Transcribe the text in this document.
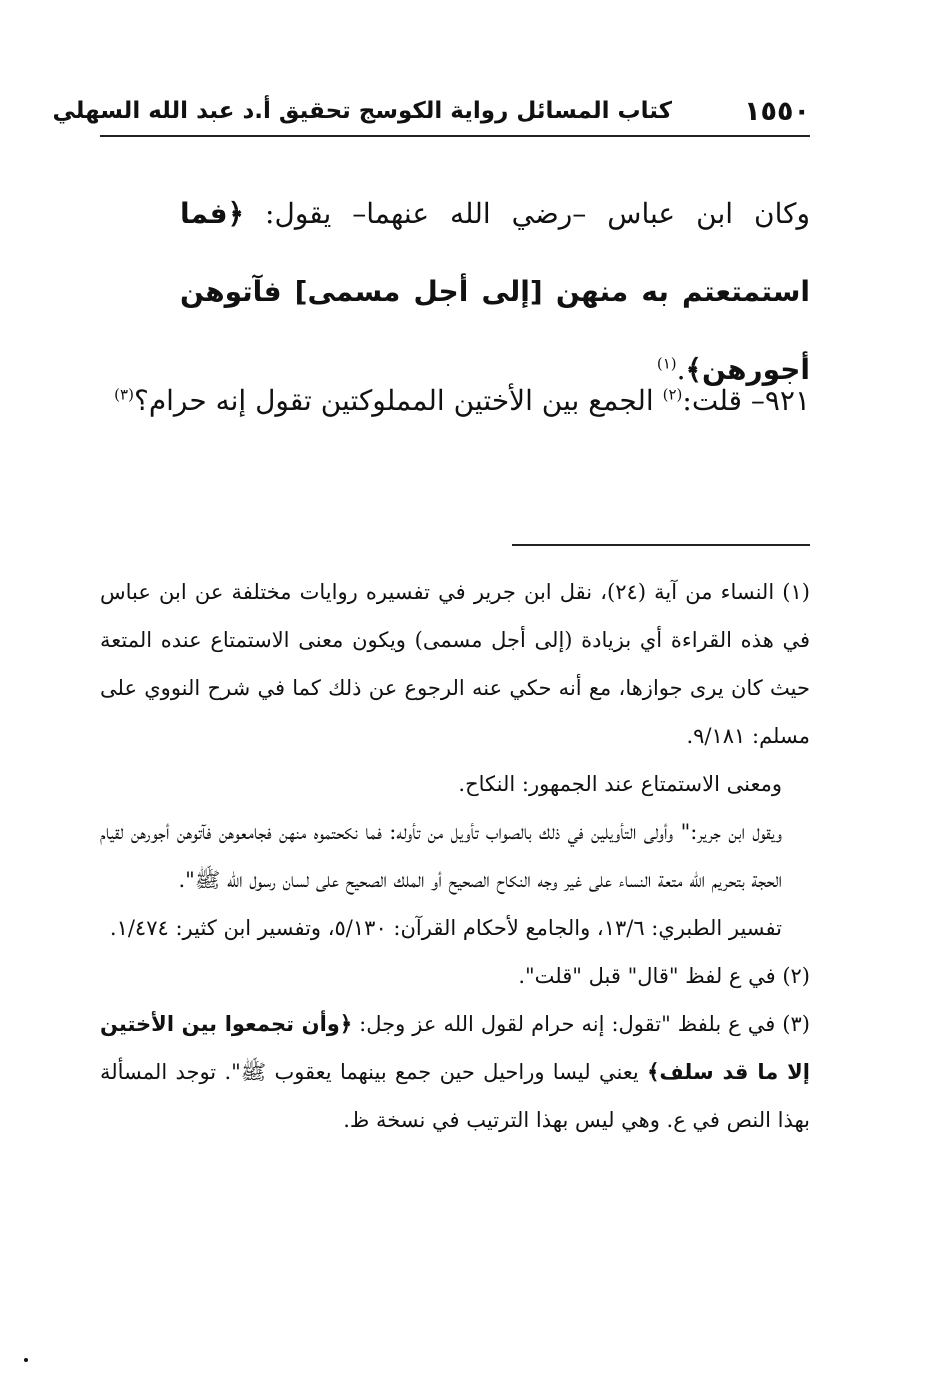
١٥٥٠
كتاب المسائل رواية الكوسج تحقيق أ.د عبد الله السهلي
وكان ابن عباس –رضي الله عنهما– يقول: ﴿فما استمتعتم به منهن [إلى أجل مسمى] فآتوهن أجورهن﴾.$^{(١)}$
٩٢١– قلت:$^{(٢)}$ الجمع بين الأختين المملوكتين تقول إنه حرام؟$^{(٣)}$

(١) النساء من آية (٢٤)، نقل ابن جرير في تفسيره روايات مختلفة عن ابن عباس في هذه القراءة أي بزيادة (إلى أجل مسمى) ويكون معنى الاستمتاع عنده المتعة حيث كان يرى جوازها، مع أنه حكي عنه الرجوع عن ذلك كما في شرح النووي على مسلم: ٩/١٨١.
ومعنى الاستمتاع عند الجمهور: النكاح.
ويقول ابن جرير:" وأولى التأويلين في ذلك بالصواب تأويل من تأوله: فما نكحتموه منهن فجامعوهن فآتوهن أجورهن لقيام الحجة بتحريم الله متعة النساء على غير وجه النكاح الصحيح أو الملك الصحيح على لسان رسول الله ﷺ".
تفسير الطبري: ١٣/٦، والجامع لأحكام القرآن: ٥/١٣٠، وتفسير ابن كثير: ١/٤٧٤.

(٢) في ع لفظ "قال" قبل "قلت".

(٣) في ع بلفظ "تقول: إنه حرام لقول الله عز وجل: ﴿وأن تجمعوا بين الأختين إلا ما قد سلف﴾ يعني ليسا وراحيل حين جمع بينهما يعقوب ﷺ". توجد المسألة بهذا النص في ع. وهي ليس بهذا الترتيب في نسخة ظ.
